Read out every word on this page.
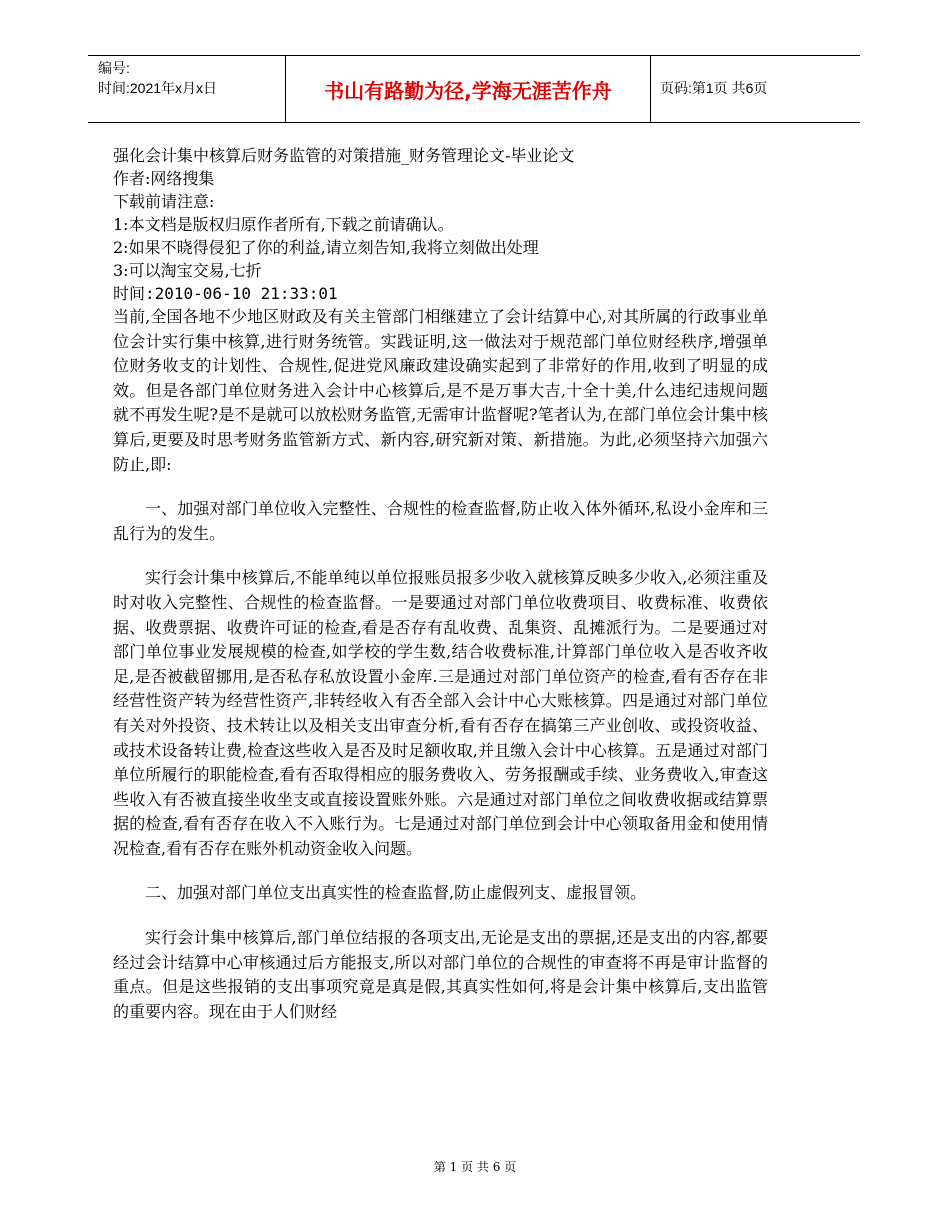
编号:
时间:2021年x月x日	书山有路勤为径,学海无涯苦作舟	页码:第1页 共6页
强化会计集中核算后财务监管的对策措施_财务管理论文-毕业论文
作者:网络搜集
下载前请注意:
1:本文档是版权归原作者所有,下载之前请确认。
2:如果不晓得侵犯了你的利益,请立刻告知,我将立刻做出处理
3:可以淘宝交易,七折
时间:2010-06-10 21:33:01

当前,全国各地不少地区财政及有关主管部门相继建立了会计结算中心,对其所属的行政事业单位会计实行集中核算,进行财务统管。实践证明,这一做法对于规范部门单位财经秩序,增强单位财务收支的计划性、合规性,促进党风廉政建设确实起到了非常好的作用,收到了明显的成效。但是各部门单位财务进入会计中心核算后,是不是万事大吉,十全十美,什么违纪违规问题就不再发生呢?是不是就可以放松财务监管,无需审计监督呢?笔者认为,在部门单位会计集中核算后,更要及时思考财务监管新方式、新内容,研究新对策、新措施。为此,必须坚持六加强六防止,即:

一、加强对部门单位收入完整性、合规性的检查监督,防止收入体外循环,私设小金库和三乱行为的发生。

实行会计集中核算后,不能单纯以单位报账员报多少收入就核算反映多少收入,必须注重及时对收入完整性、合规性的检查监督。一是要通过对部门单位收费项目、收费标准、收费依据、收费票据、收费许可证的检查,看是否存有乱收费、乱集资、乱摊派行为。二是要通过对部门单位事业发展规模的检查,如学校的学生数,结合收费标准,计算部门单位收入是否收齐收足,是否被截留挪用,是否私存私放设置小金库.三是通过对部门单位资产的检查,看有否存在非经营性资产转为经营性资产,非转经收入有否全部入会计中心大账核算。四是通过对部门单位有关对外投资、技术转让以及相关支出审查分析,看有否存在搞第三产业创收、或投资收益、或技术设备转让费,检查这些收入是否及时足额收取,并且缴入会计中心核算。五是通过对部门单位所履行的职能检查,看有否取得相应的服务费收入、劳务报酬或手续、业务费收入,审查这些收入有否被直接坐收坐支或直接设置账外账。六是通过对部门单位之间收费收据或结算票据的检查,看有否存在收入不入账行为。七是通过对部门单位到会计中心领取备用金和使用情况检查,看有否存在账外机动资金收入问题。

二、加强对部门单位支出真实性的检查监督,防止虚假列支、虚报冒领。

实行会计集中核算后,部门单位结报的各项支出,无论是支出的票据,还是支出的内容,都要经过会计结算中心审核通过后方能报支,所以对部门单位的合规性的审查将不再是审计监督的重点。但是这些报销的支出事项究竟是真是假,其真实性如何,将是会计集中核算后,支出监管的重要内容。现在由于人们财经

第 1 页 共 6 页
